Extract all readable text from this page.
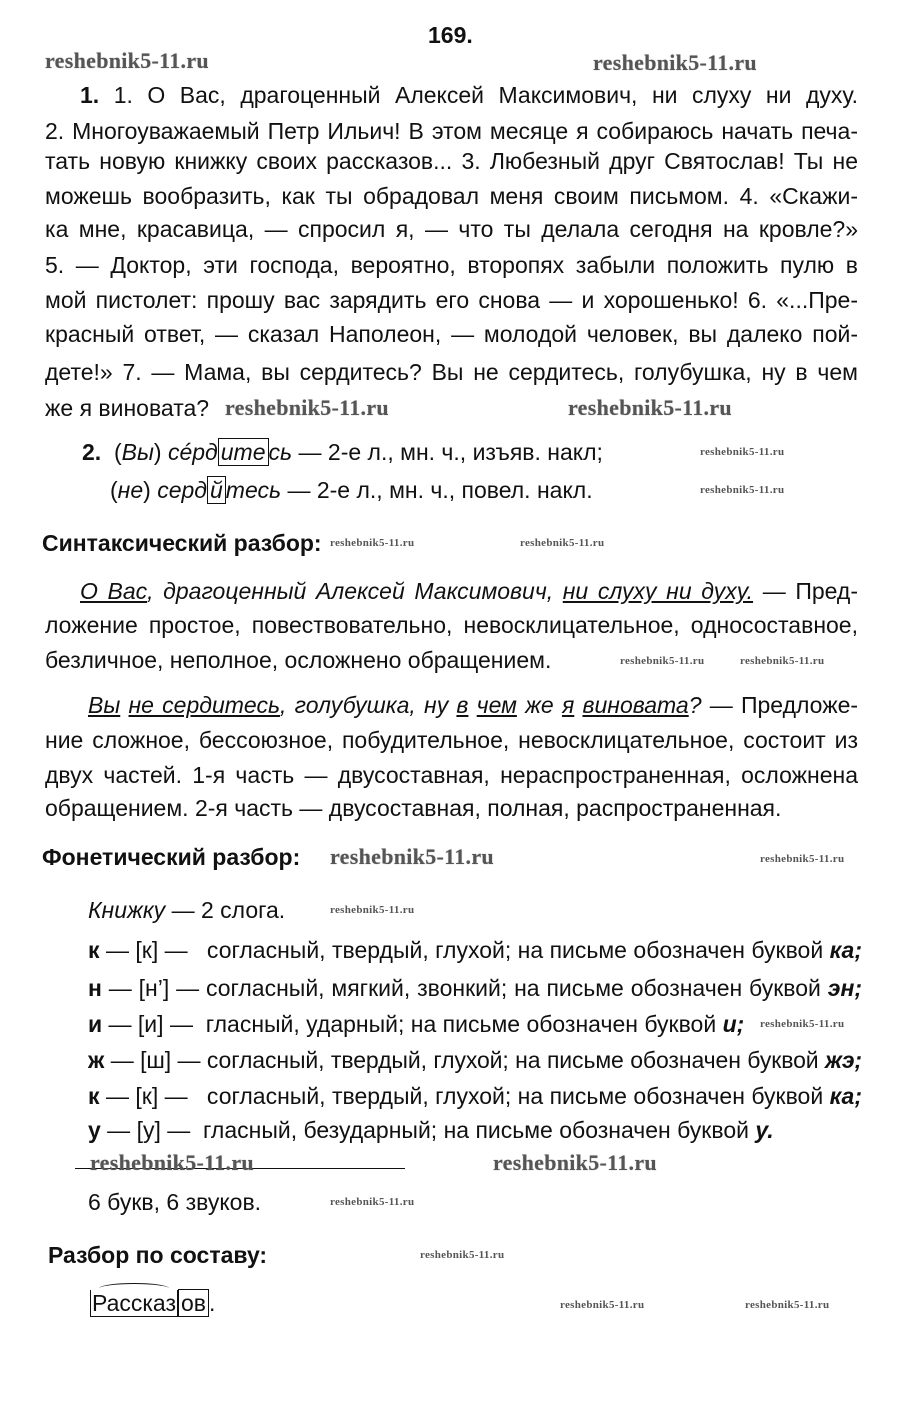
169.
1. 1. О Вас, драгоценный Алексей Максимович, ни слуху ни духу.
2. Многоуважаемый Петр Ильич! В этом месяце я собираюсь начать печа-
тать новую книжку своих рассказов... 3. Любезный друг Святослав! Ты не
можешь вообразить, как ты обрадовал меня своим письмом. 4. «Скажи-
ка мне, красавица, — спросил я, — что ты делала сегодня на кровле?»
5. — Доктор, эти господа, вероятно, второпях забыли положить пулю в
мой пистолет: прошу вас зарядить его снова — и хорошенько! 6. «...Пре-
красный ответ, — сказал Наполеон, — молодой человек, вы далеко пой-
дете!» 7. — Мама, вы сердитесь? Вы не сердитесь, голубушка, ну в чем
же я виновата?
2.  (Вы) сéрд ите сь — 2-е л., мн. ч., изъяв. накл;
(не) серд й тесь — 2-е л., мн. ч., повел. накл.
Синтаксический разбор:
О Вас, драгоценный Алексей Максимович, ни слуху ни духу. — Пред-
ложение простое, повествовательно, невосклицательное, односоставное,
безличное, неполное, осложнено обращением.
Вы не сердитесь, голубушка, ну в чем же я виновата? — Предложе-
ние сложное, бессоюзное, побудительное, невосклицательное, состоит из
двух частей. 1-я часть — двусоставная, нераспространенная, осложнена
обращением. 2-я часть — двусоставная, полная, распространенная.
Фонетический разбор:
Книжку — 2 слога.
к — [к] —   согласный, твердый, глухой; на письме обозначен буквой ка;
н — [н’] — согласный, мягкий, звонкий; на письме обозначен буквой эн;
и — [и] —  гласный, ударный; на письме обозначен буквой и;
ж — [ш] — согласный, твердый, глухой; на письме обозначен буквой жэ;
к — [к] —   согласный, твердый, глухой; на письме обозначен буквой ка;
у — [у] —  гласный, безударный; на письме обозначен буквой у.
6 букв, 6 звуков.
Разбор по составу:
Рассказ ов .
reshebnik5-11.ru	reshebnik5-11.ru
reshebnik5-11.ru
reshebnik5-11.ru
reshebnik5-11.ru
reshebnik5-11.ru
reshebnik5-11.ru	reshebnik5-11.ru
reshebnik5-11.ru
reshebnik5-11.ru
reshebnik5-11.ru
reshebnik5-11.ru
reshebnik5-11.ru
reshebnik5-11.ru
reshebnik5-11.ru
reshebnik5-11.ru
reshebnik5-11.ru
reshebnik5-11.ru	reshebnik5-11.ru
reshebnik5-11.ru
